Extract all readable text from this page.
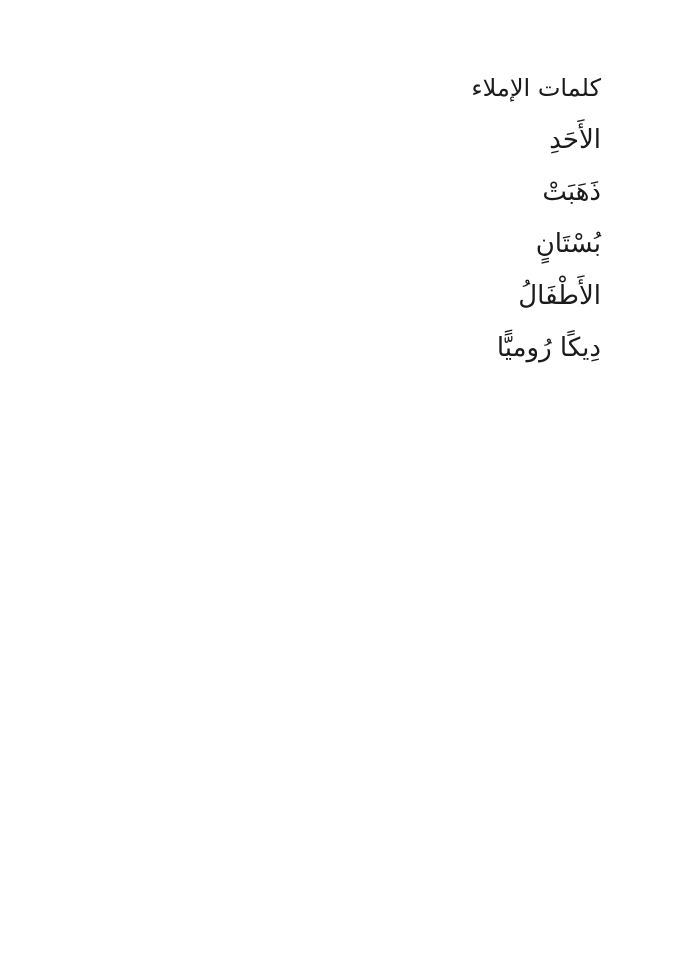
كلمات الإملاء
الأَحَدِ
ذَهَبَتْ
بُسْتَانٍ
الأَطْفَالُ
دِيكًا رُوميًّا
